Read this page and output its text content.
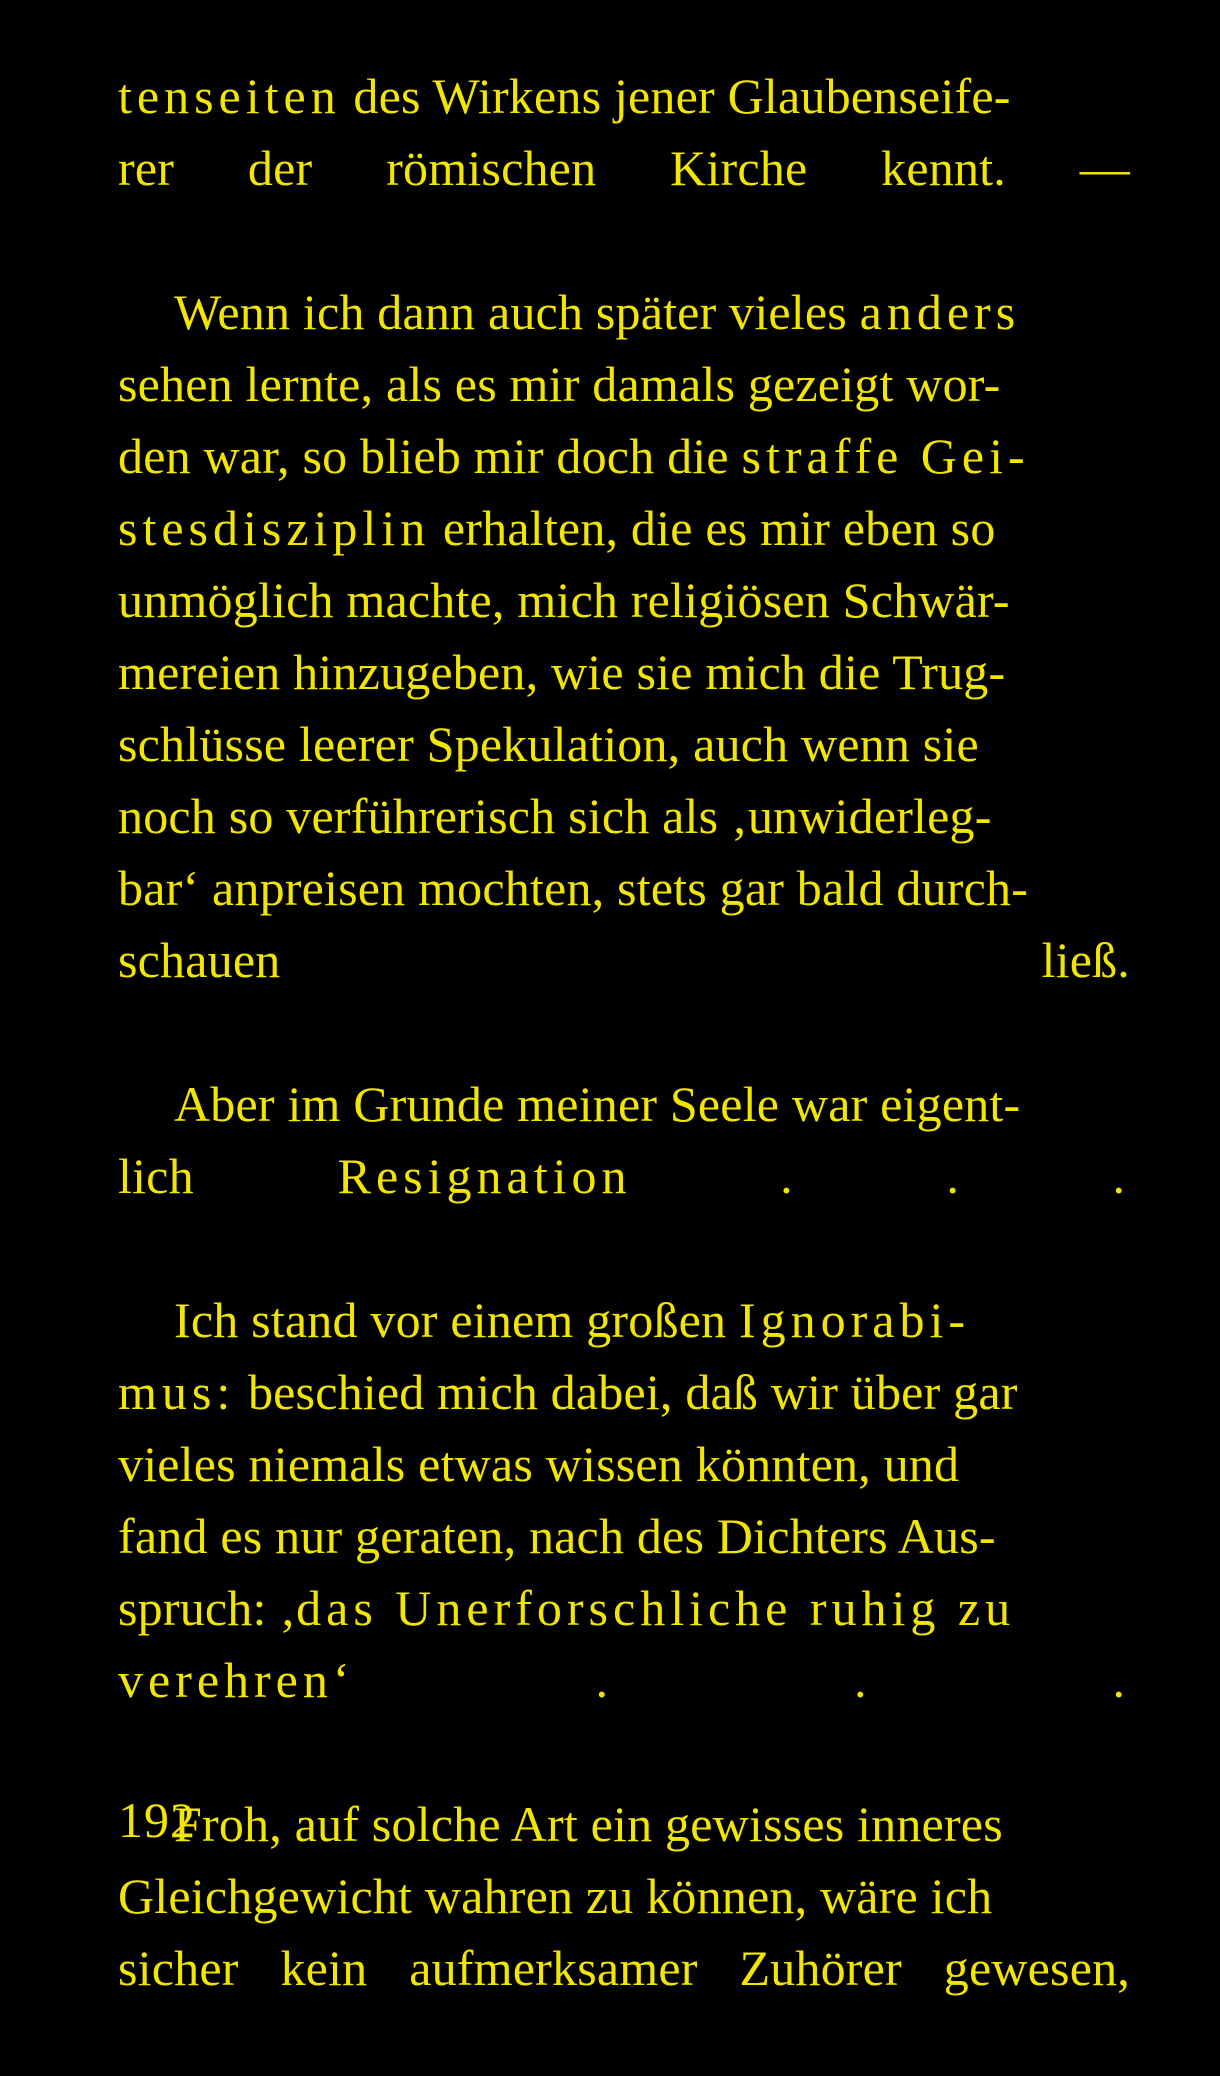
tenseiten des Wirkens jener Glaubenseife-
rer der römischen Kirche kennt. —

Wenn ich dann auch später vieles anders
sehen lernte, als es mir damals gezeigt wor-
den war, so blieb mir doch die straffe Gei-
stesdisziplin erhalten, die es mir eben so
unmöglich machte, mich religiösen Schwär-
mereien hinzugeben, wie sie mich die Trug-
schlüsse leerer Spekulation, auch wenn sie
noch so verführerisch sich als ‚unwiderleg-
bar‘ anpreisen mochten, stets gar bald durch-
schauen ließ.

Aber im Grunde meiner Seele war eigent-
lich Resignation . . .

Ich stand vor einem großen Ignorabi-
mus: beschied mich dabei, daß wir über gar
vieles niemals etwas wissen könnten, und
fand es nur geraten, nach des Dichters Aus-
spruch: ‚das Unerforschliche ruhig zu
verehren‘ . . .

Froh, auf solche Art ein gewisses inneres
Gleichgewicht wahren zu können, wäre ich
sicher kein aufmerksamer Zuhörer gewesen,

192
